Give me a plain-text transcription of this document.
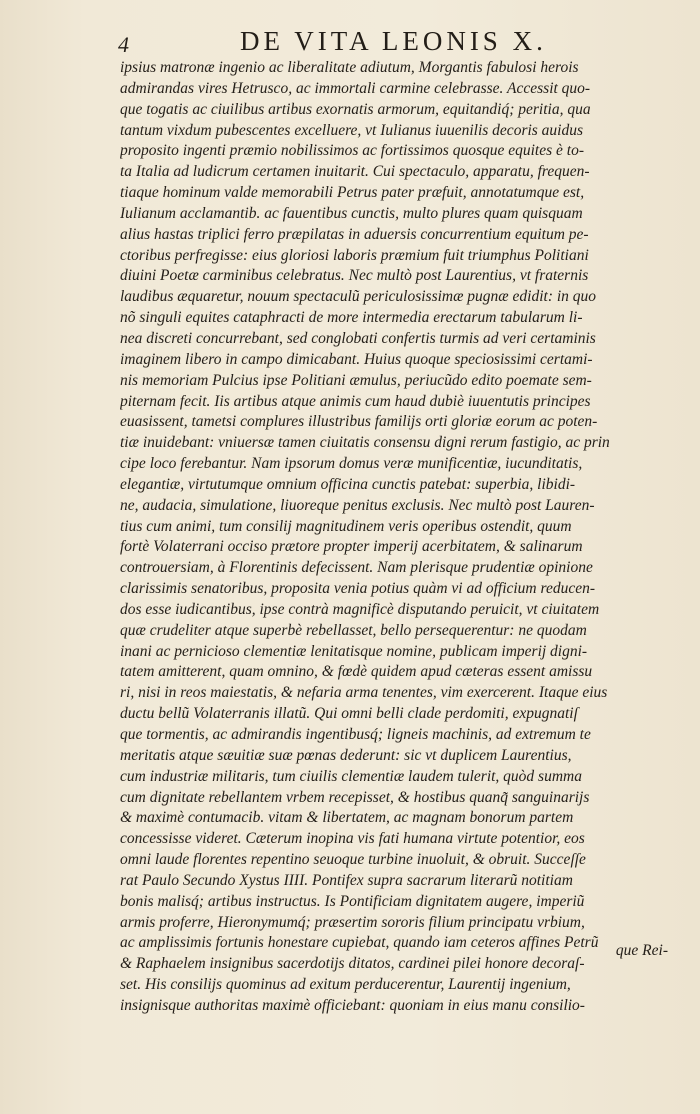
4	DE VITA LEONIS X.
ipsius matronæ ingenio ac liberalitate adiutum, Morgantis fabulosi herois
admirandas vires Hetrusco, ac immortali carmine celebrasse. Accessit quo-
que togatis ac ciuilibus artibus exornatis armorum, equitandiq́; peritia, qua
tantum vixdum pubescentes excelluere, vt Iulianus iuuenilis decoris auidus
proposito ingenti præmio nobilissimos ac fortissimos quosque equites è to-
ta Italia ad ludicrum certamen inuitarit. Cui spectaculo, apparatu, frequen-
tiaque hominum valde memorabili Petrus pater præfuit, annotatumque est,
Iulianum acclamantib. ac fauentibus cunctis, multo plures quam quisquam
alius hastas triplici ferro præpilatas in aduersis concurrentium equitum pe-
ctoribus perfregisse: eius gloriosi laboris præmium fuit triumphus Politiani
diuini Poetæ carminibus celebratus. Nec multò post Laurentius, vt fraternis
laudibus æquaretur, nouum spectaculũ periculosissimæ pugnæ edidit: in quo
nõ singuli equites cataphracti de more intermedia erectarum tabularum li-
nea discreti concurrebant, sed conglobati confertis turmis ad veri certaminis
imaginem libero in campo dimicabant. Huius quoque speciosissimi certami-
nis memoriam Pulcius ipse Politiani æmulus, periucũdo edito poemate sem-
piternam fecit. Iis artibus atque animis cum haud dubiè iuuentutis principes
euasissent, tametsi complures illustribus familijs orti gloriæ eorum ac poten-
tiæ inuidebant: vniuersæ tamen ciuitatis consensu digni rerum fastigio, ac prin
cipe loco ferebantur. Nam ipsorum domus veræ munificentiæ, iucunditatis,
elegantiæ, virtutumque omnium officina cunctis patebat: superbia, libidi-
ne, audacia, simulatione, liuoreque penitus exclusis. Nec multò post Lauren-
tius cum animi, tum consilij magnitudinem veris operibus ostendit, quum
fortè Volaterrani occiso prætore propter imperij acerbitatem, & salinarum
controuersiam, à Florentinis defecissent. Nam plerisque prudentiæ opinione
clarissimis senatoribus, proposita venia potius quàm vi ad officium reducen-
dos esse iudicantibus, ipse contrà magnificè disputando peruicit, vt ciuitatem
quæ crudeliter atque superbè rebellasset, bello persequerentur: ne quodam
inani ac pernicioso clementiæ lenitatisque nomine, publicam imperij digni-
tatem amitterent, quam omnino, & fœdè quidem apud cæteras essent amissu
ri, nisi in reos maiestatis, & nefaria arma tenentes, vim exercerent. Itaque eius
ductu bellũ Volaterranis illatũ. Qui omni belli clade perdomiti, expugnatiſ
que tormentis, ac admirandis ingentibusq́; ligneis machinis, ad extremum te
meritatis atque sæuitiæ suæ pœnas dederunt: sic vt duplicem Laurentius,
cum industriæ militaris, tum ciuilis clementiæ laudem tulerit, quòd summa
cum dignitate rebellantem vrbem recepisset, & hostibus quanq̃ sanguinarijs
& maximè contumacib. vitam & libertatem, ac magnam bonorum partem
concessisse videret. Cæterum inopina vis fati humana virtute potentior, eos
omni laude florentes repentino seuoque turbine inuoluit, & obruit. Succeſſe
rat Paulo Secundo Xystus IIII. Pontifex supra sacrarum literarũ notitiam
bonis malisq́; artibus instructus. Is Pontificiam dignitatem augere, imperiũ
armis proferre, Hieronymumq́; præsertim sororis filium principatu vrbium,
ac amplissimis fortunis honestare cupiebat, quando iam ceteros affines Petrũ
& Raphaelem insignibus sacerdotijs ditatos, cardinei pilei honore decoraſ-
set. His consilijs quominus ad exitum perducerentur, Laurentij ingenium,
insignisque authoritas maximè officiebant: quoniam in eius manu consilio-
que Rei-
